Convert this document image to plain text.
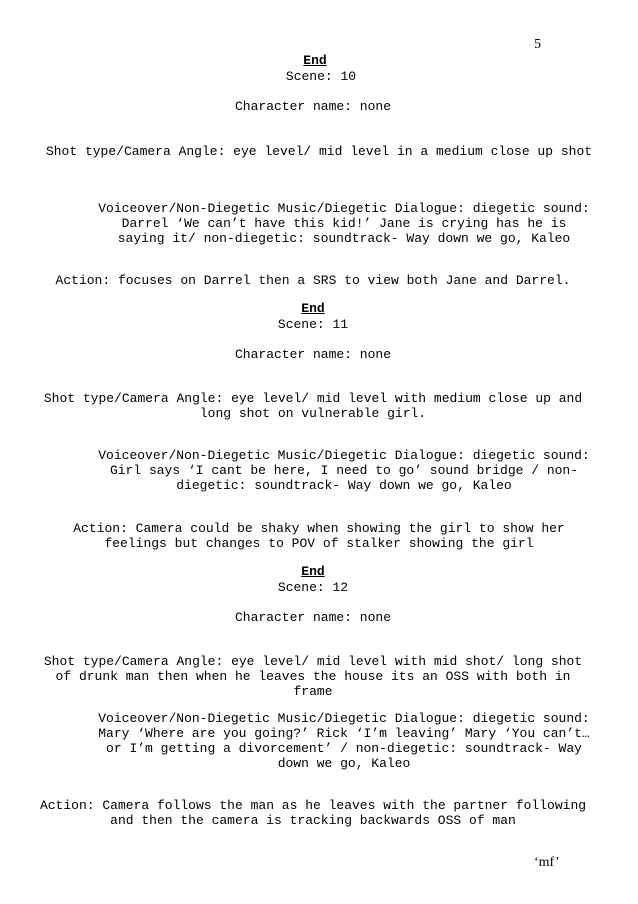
5
End
Scene: 10
Character name: none
Shot type/Camera Angle: eye level/ mid level in a medium close up shot
Voiceover/Non-Diegetic Music/Diegetic Dialogue: diegetic sound:
Darrel ‘We can’t have this kid!’ Jane is crying has he is
saying it/ non-diegetic: soundtrack- Way down we go, Kaleo
Action: focuses on Darrel then a SRS to view both Jane and Darrel.
End
Scene: 11
Character name: none
Shot type/Camera Angle: eye level/ mid level with medium close up and
long shot on vulnerable girl.
Voiceover/Non-Diegetic Music/Diegetic Dialogue: diegetic sound:
Girl says ‘I cant be here, I need to go’ sound bridge / non-
diegetic: soundtrack- Way down we go, Kaleo
Action: Camera could be shaky when showing the girl to show her
feelings but changes to POV of stalker showing the girl
End
Scene: 12
Character name: none
Shot type/Camera Angle: eye level/ mid level with mid shot/ long shot
of drunk man then when he leaves the house its an OSS with both in
frame
Voiceover/Non-Diegetic Music/Diegetic Dialogue: diegetic sound:
Mary ‘Where are you going?’ Rick ‘I’m leaving’ Mary ‘You can’t…
or I’m getting a divorcement’ / non-diegetic: soundtrack- Way
down we go, Kaleo
Action: Camera follows the man as he leaves with the partner following
and then the camera is tracking backwards OSS of man
‘mf’
